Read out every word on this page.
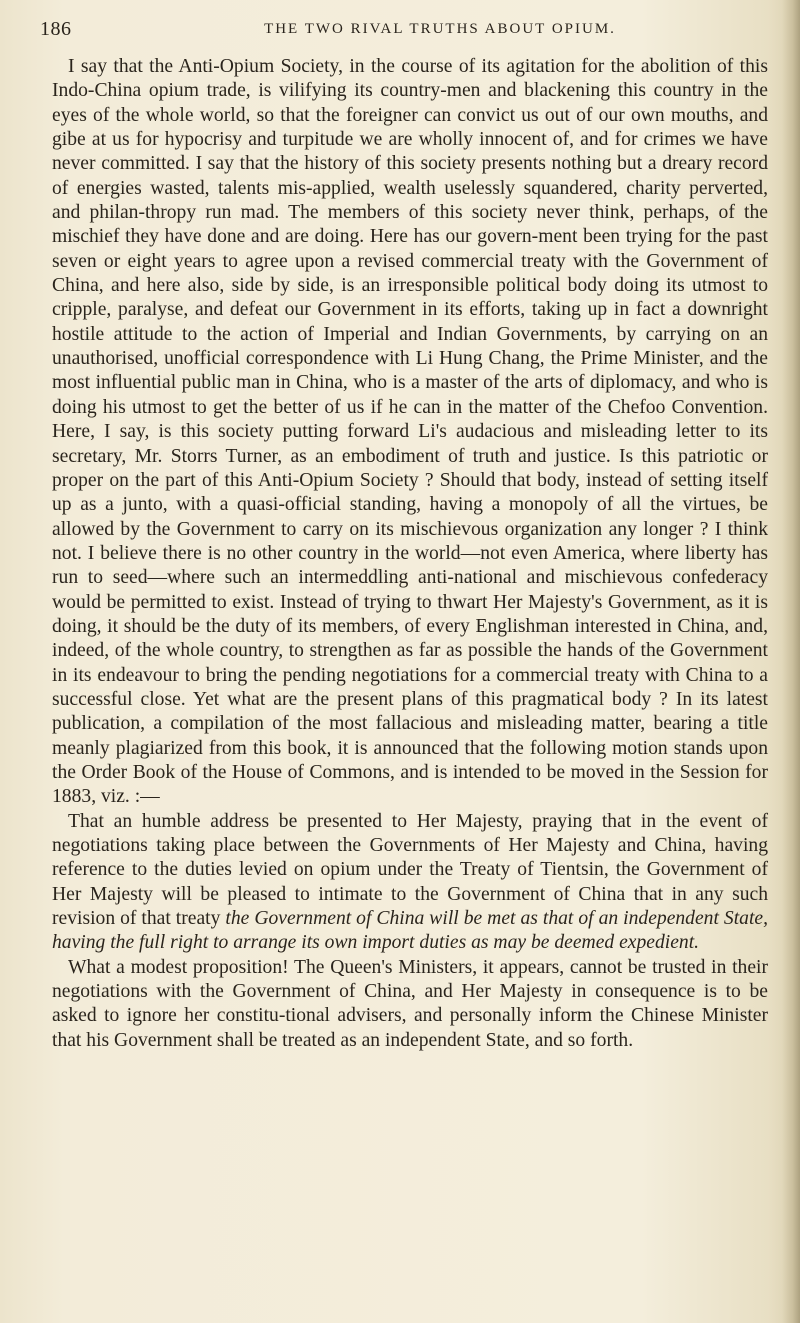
186	THE TWO RIVAL TRUTHS ABOUT OPIUM.

I say that the Anti-Opium Society, in the course of its agitation for the abolition of this Indo-China opium trade, is vilifying its country-men and blackening this country in the eyes of the whole world, so that the foreigner can convict us out of our own mouths, and gibe at us for hypocrisy and turpitude we are wholly innocent of, and for crimes we have never committed. I say that the history of this society presents nothing but a dreary record of energies wasted, talents mis-applied, wealth uselessly squandered, charity perverted, and philan-thropy run mad. The members of this society never think, perhaps, of the mischief they have done and are doing. Here has our govern-ment been trying for the past seven or eight years to agree upon a revised commercial treaty with the Government of China, and here also, side by side, is an irresponsible political body doing its utmost to cripple, paralyse, and defeat our Government in its efforts, taking up in fact a downright hostile attitude to the action of Imperial and Indian Governments, by carrying on an unauthorised, unofficial correspondence with Li Hung Chang, the Prime Minister, and the most influential public man in China, who is a master of the arts of diplomacy, and who is doing his utmost to get the better of us if he can in the matter of the Chefoo Convention. Here, I say, is this society putting forward Li's audacious and misleading letter to its secretary, Mr. Storrs Turner, as an embodiment of truth and justice. Is this patriotic or proper on the part of this Anti-Opium Society ? Should that body, instead of setting itself up as a junto, with a quasi-official standing, having a monopoly of all the virtues, be allowed by the Government to carry on its mischievous organization any longer ? I think not. I believe there is no other country in the world—not even America, where liberty has run to seed—where such an intermeddling anti-national and mischievous confederacy would be permitted to exist. Instead of trying to thwart Her Majesty's Government, as it is doing, it should be the duty of its members, of every Englishman interested in China, and, indeed, of the whole country, to strengthen as far as possible the hands of the Government in its endeavour to bring the pending negotiations for a commercial treaty with China to a successful close. Yet what are the present plans of this pragmatical body ? In its latest publication, a compilation of the most fallacious and misleading matter, bearing a title meanly plagiarized from this book, it is announced that the following motion stands upon the Order Book of the House of Commons, and is intended to be moved in the Session for 1883, viz. :—

That an humble address be presented to Her Majesty, praying that in the event of negotiations taking place between the Governments of Her Majesty and China, having reference to the duties levied on opium under the Treaty of Tientsin, the Government of Her Majesty will be pleased to intimate to the Government of China that in any such revision of that treaty the Government of China will be met as that of an independent State, having the full right to arrange its own import duties as may be deemed expedient.

What a modest proposition! The Queen's Ministers, it appears, cannot be trusted in their negotiations with the Government of China, and Her Majesty in consequence is to be asked to ignore her constitu-tional advisers, and personally inform the Chinese Minister that his Government shall be treated as an independent State, and so forth.
